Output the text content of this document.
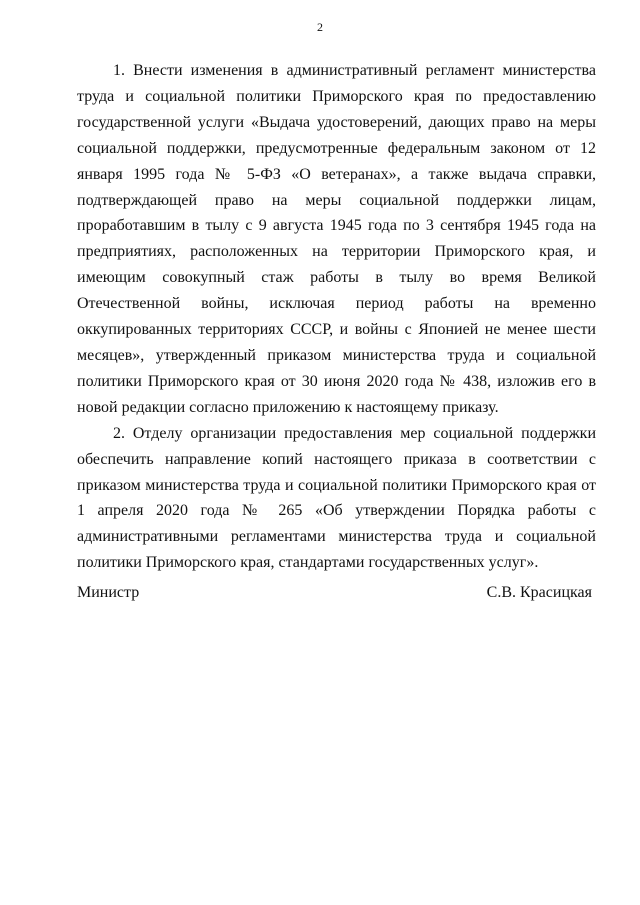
2

1. Внести изменения в административный регламент министерства труда и социальной политики Приморского края по предоставлению государственной услуги «Выдача удостоверений, дающих право на меры социальной поддержки, предусмотренные федеральным законом от 12 января 1995 года № 5-ФЗ «О ветеранах», а также выдача справки, подтверждающей право на меры социальной поддержки лицам, проработавшим в тылу с 9 августа 1945 года по 3 сентября 1945 года на предприятиях, расположенных на территории Приморского края, и имеющим совокупный стаж работы в тылу во время Великой Отечественной войны, исключая период работы на временно оккупированных территориях СССР, и войны с Японией не менее шести месяцев», утвержденный приказом министерства труда и социальной политики Приморского края от 30 июня 2020 года № 438, изложив его в новой редакции согласно приложению к настоящему приказу.

2. Отделу организации предоставления мер социальной поддержки обеспечить направление копий настоящего приказа в соответствии с приказом министерства труда и социальной политики Приморского края от 1 апреля 2020 года № 265 «Об утверждении Порядка работы с административными регламентами министерства труда и социальной политики Приморского края, стандартами государственных услуг».

Министр	С.В. Красицкая
